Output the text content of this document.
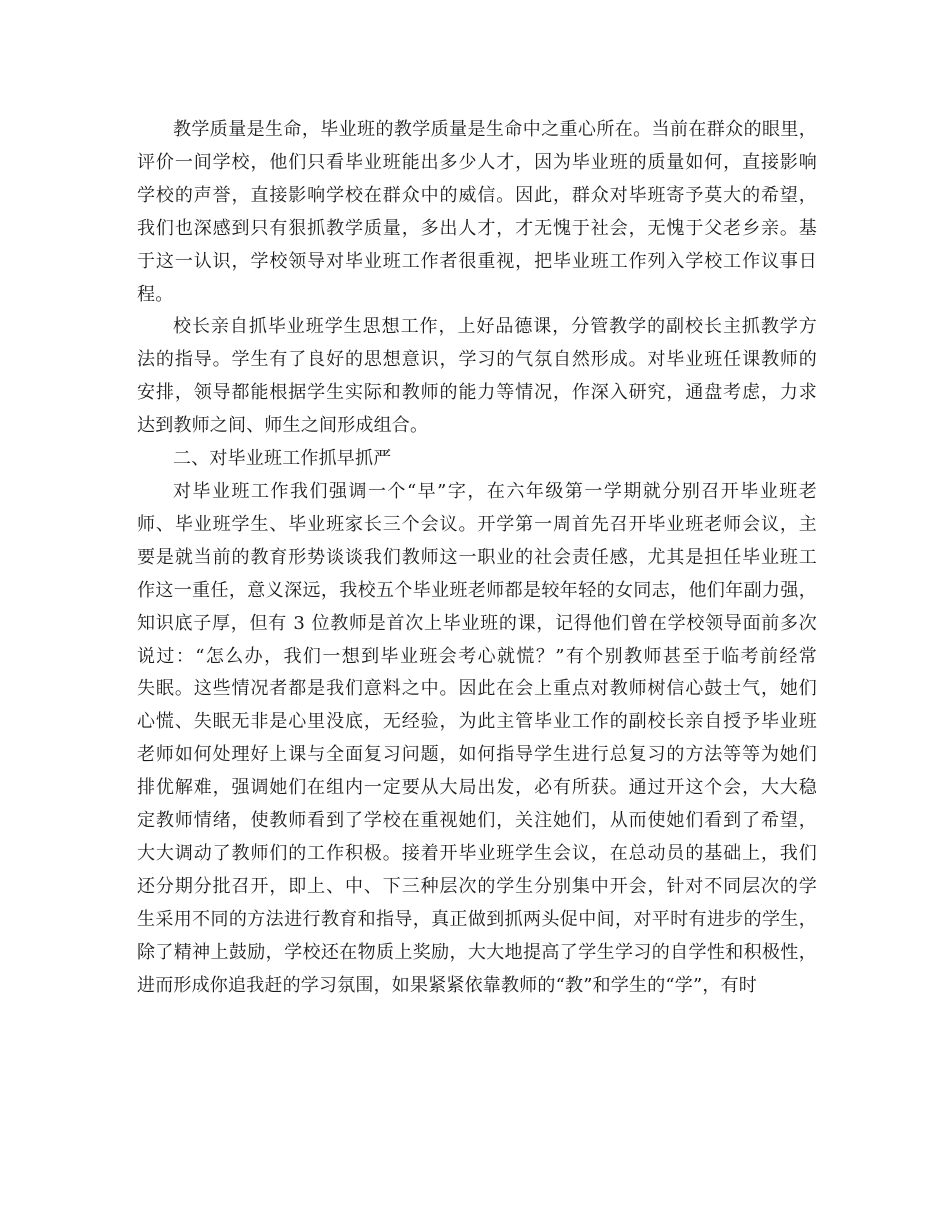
教学质量是生命，毕业班的教学质量是生命中之重心所在。当前在群众的眼里，
评价一间学校，他们只看毕业班能出多少人才，因为毕业班的质量如何，直接影响
学校的声誉，直接影响学校在群众中的威信。因此，群众对毕班寄予莫大的希望，
我们也深感到只有狠抓教学质量，多出人才，才无愧于社会，无愧于父老乡亲。基
于这一认识，学校领导对毕业班工作者很重视，把毕业班工作列入学校工作议事日
程。
校长亲自抓毕业班学生思想工作，上好品德课，分管教学的副校长主抓教学方
法的指导。学生有了良好的思想意识，学习的气氛自然形成。对毕业班任课教师的
安排，领导都能根据学生实际和教师的能力等情况，作深入研究，通盘考虑，力求
达到教师之间、师生之间形成组合。
二、对毕业班工作抓早抓严
对毕业班工作我们强调一个“早”字，在六年级第一学期就分别召开毕业班老
师、毕业班学生、毕业班家长三个会议。开学第一周首先召开毕业班老师会议，主
要是就当前的教育形势谈谈我们教师这一职业的社会责任感，尤其是担任毕业班工
作这一重任，意义深远，我校五个毕业班老师都是较年轻的女同志，他们年副力强，
知识底子厚，但有 3 位教师是首次上毕业班的课，记得他们曾在学校领导面前多次
说过：“怎么办，我们一想到毕业班会考心就慌？”有个别教师甚至于临考前经常
失眠。这些情况者都是我们意料之中。因此在会上重点对教师树信心鼓士气，她们
心慌、失眠无非是心里没底，无经验，为此主管毕业工作的副校长亲自授予毕业班
老师如何处理好上课与全面复习问题，如何指导学生进行总复习的方法等等为她们
排优解难，强调她们在组内一定要从大局出发，必有所获。通过开这个会，大大稳
定教师情绪，使教师看到了学校在重视她们，关注她们，从而使她们看到了希望，
大大调动了教师们的工作积极。接着开毕业班学生会议，在总动员的基础上，我们
还分期分批召开，即上、中、下三种层次的学生分别集中开会，针对不同层次的学
生采用不同的方法进行教育和指导，真正做到抓两头促中间，对平时有进步的学生，
除了精神上鼓励，学校还在物质上奖励，大大地提高了学生学习的自学性和积极性，
进而形成你追我赶的学习氛围，如果紧紧依靠教师的“教”和学生的“学”，有时
